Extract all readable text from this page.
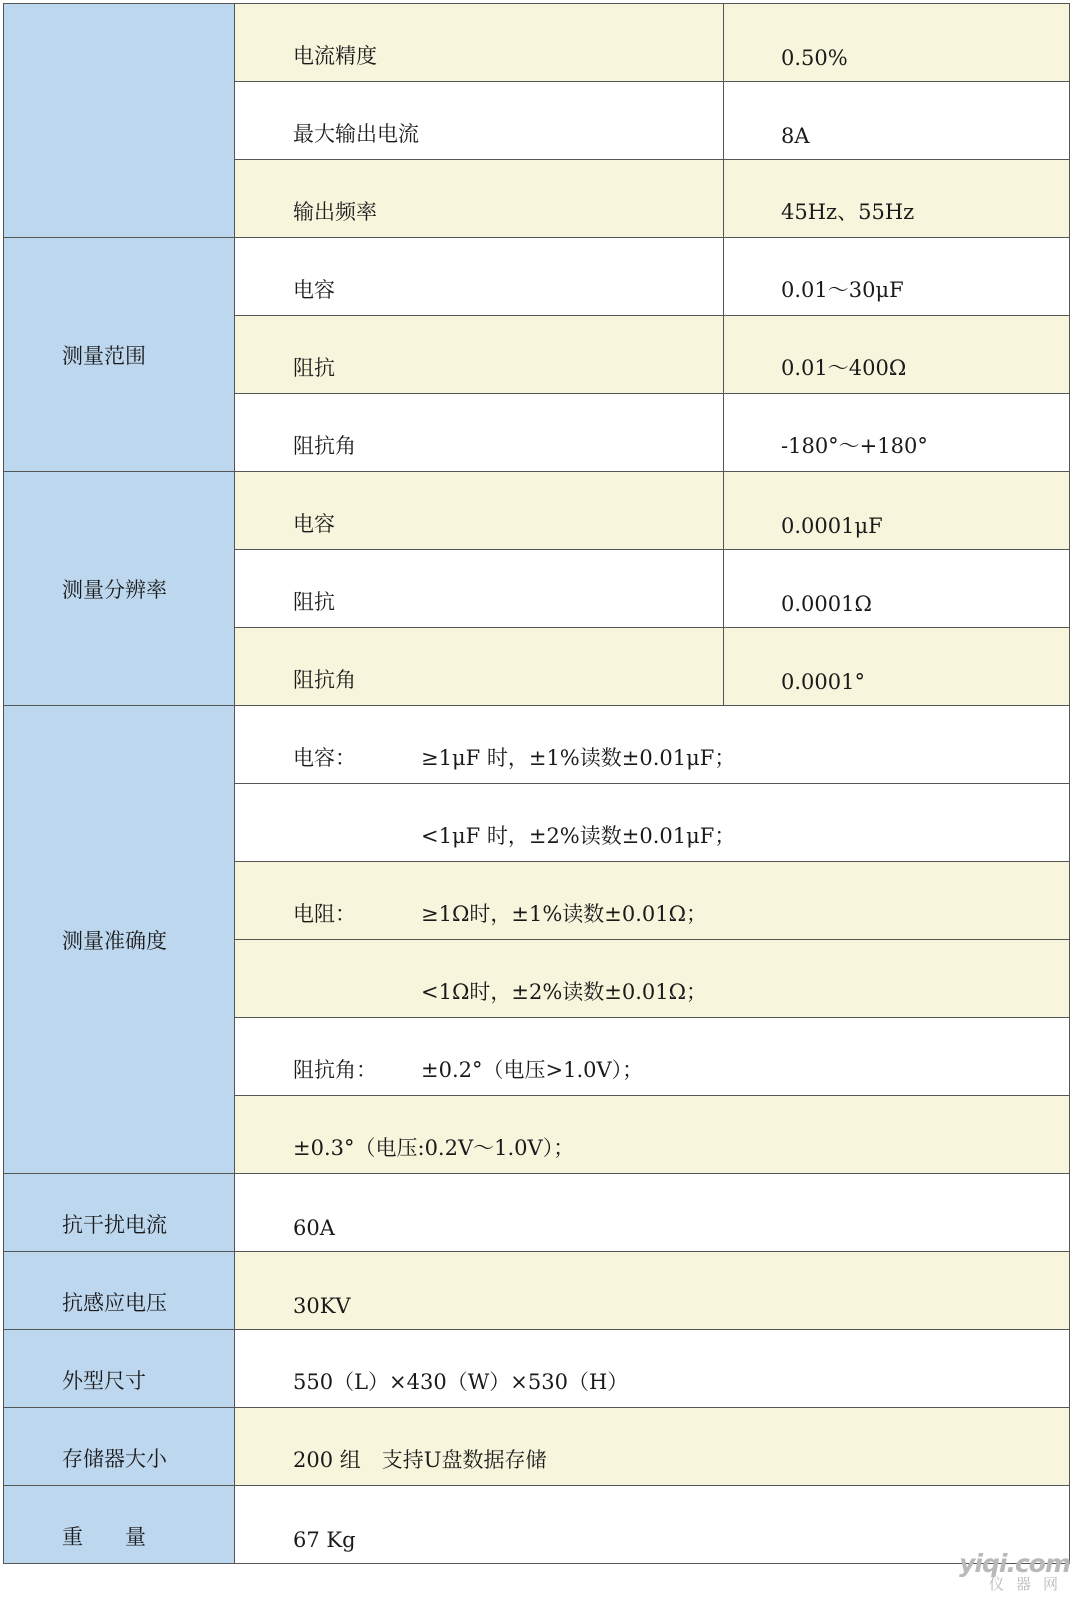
	电流精度	0.50%
	最大输出电流	8A
	输出频率	45Hz、55Hz
测量范围	电容	0.01～30μF
	阻抗	0.01～400Ω
	阻抗角	-180°～+180°
测量分辨率	电容	0.0001μF
	阻抗	0.0001Ω
	阻抗角	0.0001°
测量准确度	电容： ≥1μF 时，±1%读数±0.01μF；	
	<1μF 时，±2%读数±0.01μF；	
	电阻： ≥1Ω时，±1%读数±0.01Ω；	
	<1Ω时，±2%读数±0.01Ω；	
	阻抗角： ±0.2°（电压>1.0V）；	
	±0.3°（电压:0.2V～1.0V）；	

抗干扰电流	60A	

抗感应电压	30KV	

外型尺寸	550（L）×430（W）×530（H）	

存储器大小	200 组　支持U盘数据存储	

重　　量	67 Kg	
yiqi.com
仪器网
